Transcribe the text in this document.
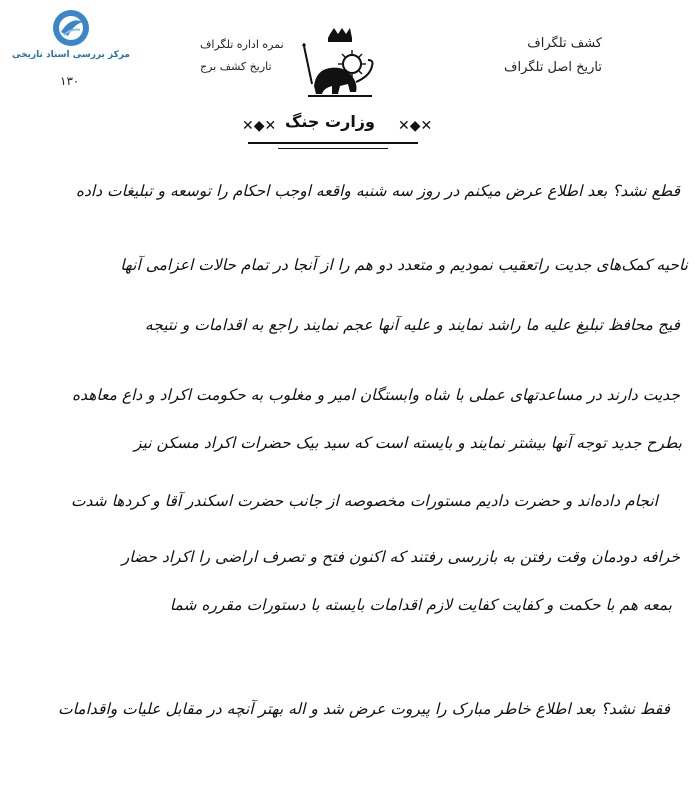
مرکز بررسی اسناد تاریخی
کشف تلگراف
تاریخ اصل تلگراف
نمره اداره تلگراف
تاریخ کشف برج
۱۳۰
✕◆✕ وزارت جنگ	✕◆✕
قطع نشد؟ بعد اطلاع عرض میکنم در روز سه شنبه واقعه اوجب احکام را توسعه و تبلیغات داده
ناحیه کمک‌های جدیت راتعقیب نمودیم و متعدد دو هم را از آنجا در تمام حالات اعزامی آنها
فیج محافظ تبلیغ علیه ما راشد نمایند و علیه آنها عجم نمایند راجع به اقدامات و نتیجه
جدیت دارند در مساعدتهای عملی با شاه وابستگان امیر و مغلوب به حکومت اکراد و داع معاهده
بطرح جدید توجه آنها بیشتر نمایند و بایسته است که سید بیک حضرات اکراد مسکن نیز
انجام داده‌اند و حضرت دادیم مستورات مخصوصه از جانب حضرت اسکندر آقا و کردها شدت
خرافه دودمان وقت رفتن به بازرسی رفتند که اکنون فتح و تصرف اراضی را اکراد حضار
بمعه هم با حکمت و کفایت کفایت لازم اقدامات بایسته با دستورات مقرره شما
فقط نشد؟ بعد اطلاع خاطر مبارک را پیروت عرض شد و اله بهتر آنچه در مقابل علیات واقدامات
